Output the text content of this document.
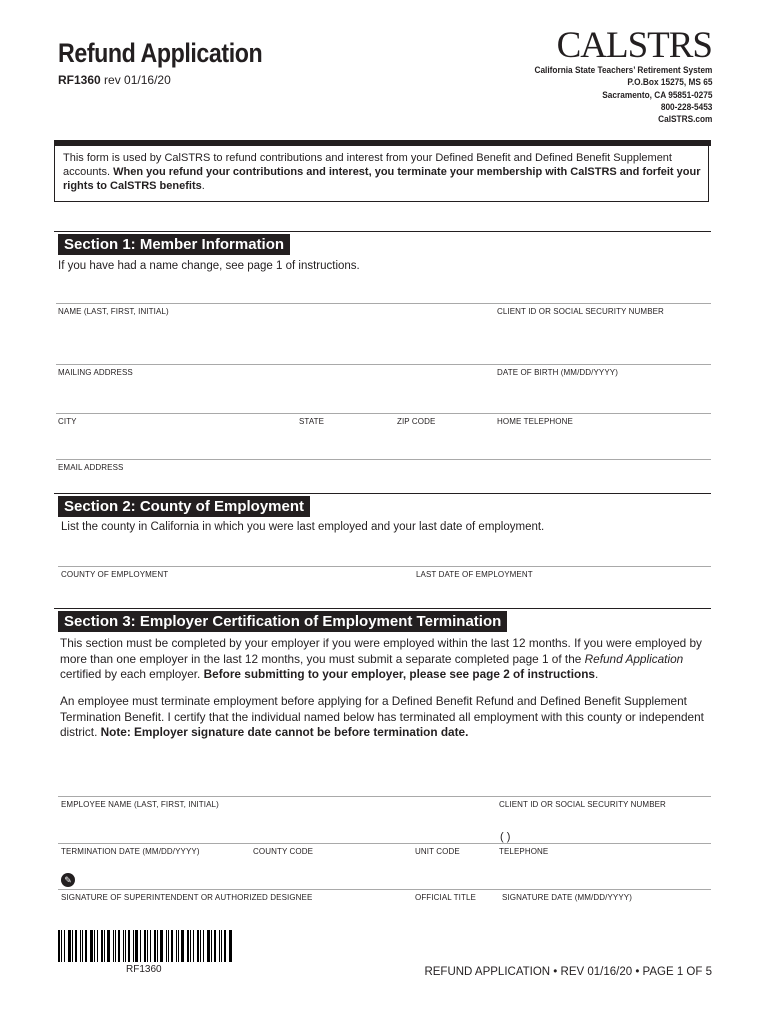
Refund Application
RF1360 rev 01/16/20
CALSTRS
California State Teachers’ Retirement System
P.O.Box 15275, MS 65
Sacramento, CA 95851-0275
800-228-5453
CalSTRS.com
This form is used by CalSTRS to refund contributions and interest from your Defined Benefit and Defined Benefit Supplement accounts. When you refund your contributions and interest, you terminate your membership with CalSTRS and forfeit your rights to CalSTRS benefits.
Section 1: Member Information
If you have had a name change, see page 1 of instructions.
NAME (LAST, FIRST, INITIAL)	CLIENT ID OR SOCIAL SECURITY NUMBER
MAILING ADDRESS	DATE OF BIRTH (MM/DD/YYYY)
CITY	STATE	ZIP CODE	HOME TELEPHONE
EMAIL ADDRESS
Section 2: County of Employment
List the county in California in which you were last employed and your last date of employment.
COUNTY OF EMPLOYMENT	LAST DATE OF EMPLOYMENT
Section 3: Employer Certification of Employment Termination
This section must be completed by your employer if you were employed within the last 12 months. If you were employed by more than one employer in the last 12 months, you must submit a separate completed page 1 of the Refund Application certified by each employer. Before submitting to your employer, please see page 2 of instructions.
An employee must terminate employment before applying for a Defined Benefit Refund and Defined Benefit Supplement Termination Benefit. I certify that the individual named below has terminated all employment with this county or independent district. Note: Employer signature date cannot be before termination date.
EMPLOYEE NAME (LAST, FIRST, INITIAL)	CLIENT ID OR SOCIAL SECURITY NUMBER
( )
TERMINATION DATE (MM/DD/YYYY)	COUNTY CODE	UNIT CODE	TELEPHONE
✎
SIGNATURE OF SUPERINTENDENT OR AUTHORIZED DESIGNEE	OFFICIAL TITLE	SIGNATURE DATE (MM/DD/YYYY)
RF1360	REFUND APPLICATION • REV 01/16/20 • PAGE 1 OF 5
